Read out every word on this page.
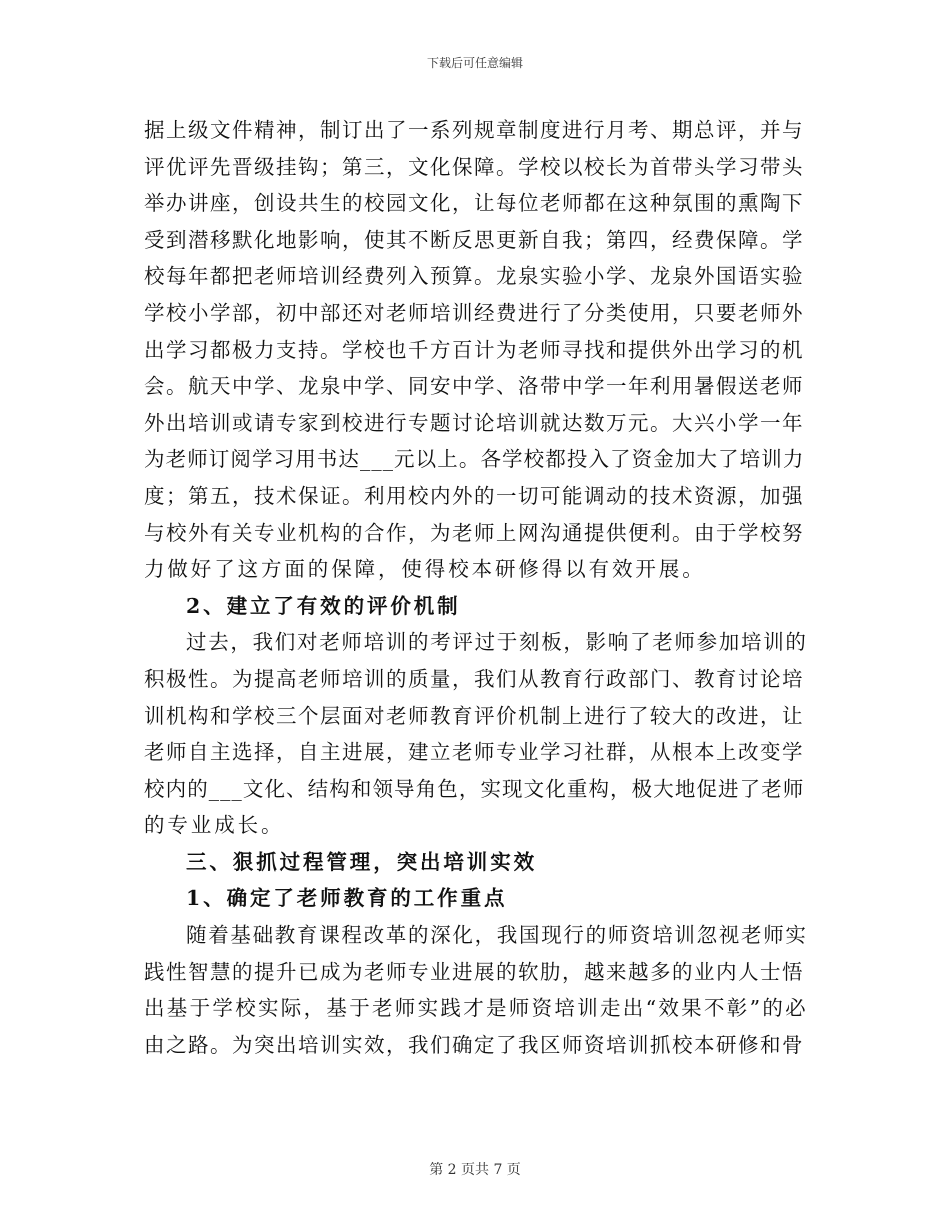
下载后可任意编辑
据上级文件精神，制订出了一系列规章制度进行月考、期总评，并与
评优评先晋级挂钩；第三，文化保障。学校以校长为首带头学习带头
举办讲座，创设共生的校园文化，让每位老师都在这种氛围的熏陶下
受到潜移默化地影响，使其不断反思更新自我；第四，经费保障。学
校每年都把老师培训经费列入预算。龙泉实验小学、龙泉外国语实验
学校小学部，初中部还对老师培训经费进行了分类使用，只要老师外
出学习都极力支持。学校也千方百计为老师寻找和提供外出学习的机
会。航天中学、龙泉中学、同安中学、洛带中学一年利用暑假送老师
外出培训或请专家到校进行专题讨论培训就达数万元。大兴小学一年
为老师订阅学习用书达___元以上。各学校都投入了资金加大了培训力
度；第五，技术保证。利用校内外的一切可能调动的技术资源，加强
与校外有关专业机构的合作，为老师上网沟通提供便利。由于学校努
力做好了这方面的保障，使得校本研修得以有效开展。
2、建立了有效的评价机制
过去，我们对老师培训的考评过于刻板，影响了老师参加培训的
积极性。为提高老师培训的质量，我们从教育行政部门、教育讨论培
训机构和学校三个层面对老师教育评价机制上进行了较大的改进，让
老师自主选择，自主进展，建立老师专业学习社群，从根本上改变学
校内的___文化、结构和领导角色，实现文化重构，极大地促进了老师
的专业成长。
三、狠抓过程管理，突出培训实效
1、确定了老师教育的工作重点
随着基础教育课程改革的深化，我国现行的师资培训忽视老师实
践性智慧的提升已成为老师专业进展的软肋，越来越多的业内人士悟
出基于学校实际，基于老师实践才是师资培训走出“效果不彰”的必
由之路。为突出培训实效，我们确定了我区师资培训抓校本研修和骨
第 2 页共 7 页
